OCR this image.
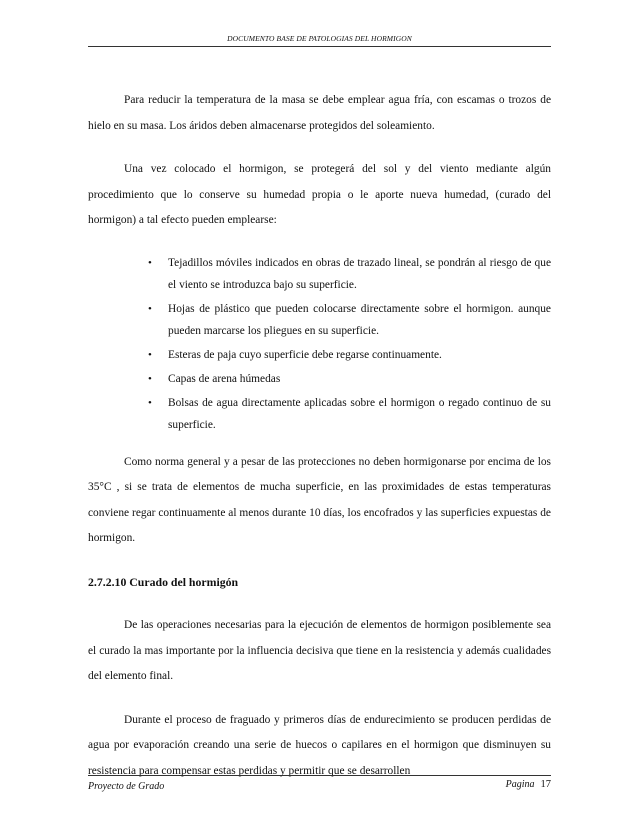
DOCUMENTO BASE DE PATOLOGIAS DEL HORMIGON

Para reducir la temperatura de la masa se debe emplear agua fría, con escamas o trozos de hielo en su masa. Los áridos deben almacenarse protegidos del soleamiento.

Una vez colocado el hormigon, se protegerá del sol y del viento mediante algún procedimiento que lo conserve su humedad propia o le aporte nueva humedad, (curado del hormigon) a tal efecto pueden emplearse:

• Tejadillos móviles indicados en obras de trazado lineal, se pondrán al riesgo de que el viento se introduzca bajo su superficie.
• Hojas de plástico que pueden colocarse directamente sobre el hormigon. aunque pueden marcarse los pliegues en su superficie.
• Esteras de paja cuyo superficie debe regarse continuamente.
• Capas de arena húmedas
• Bolsas de agua directamente aplicadas sobre el hormigon o regado continuo de su superficie.

Como norma general y a pesar de las protecciones no deben hormigonarse por encima de los 35°C , si se trata de elementos de mucha superficie, en las proximidades de estas temperaturas conviene regar continuamente al menos durante 10 días, los encofrados y las superficies expuestas de hormigon.

2.7.2.10 Curado del hormigón

De las operaciones necesarias para la ejecución de elementos de hormigon posiblemente sea el curado la mas importante por la influencia decisiva que tiene en la resistencia y además cualidades del elemento final.

Durante el proceso de fraguado y primeros días de endurecimiento se producen perdidas de agua por evaporación creando una serie de huecos o capilares en el hormigon que disminuyen su resistencia para compensar estas perdidas y permitir que se desarrollen

Proyecto de Grado	Pagina 17
